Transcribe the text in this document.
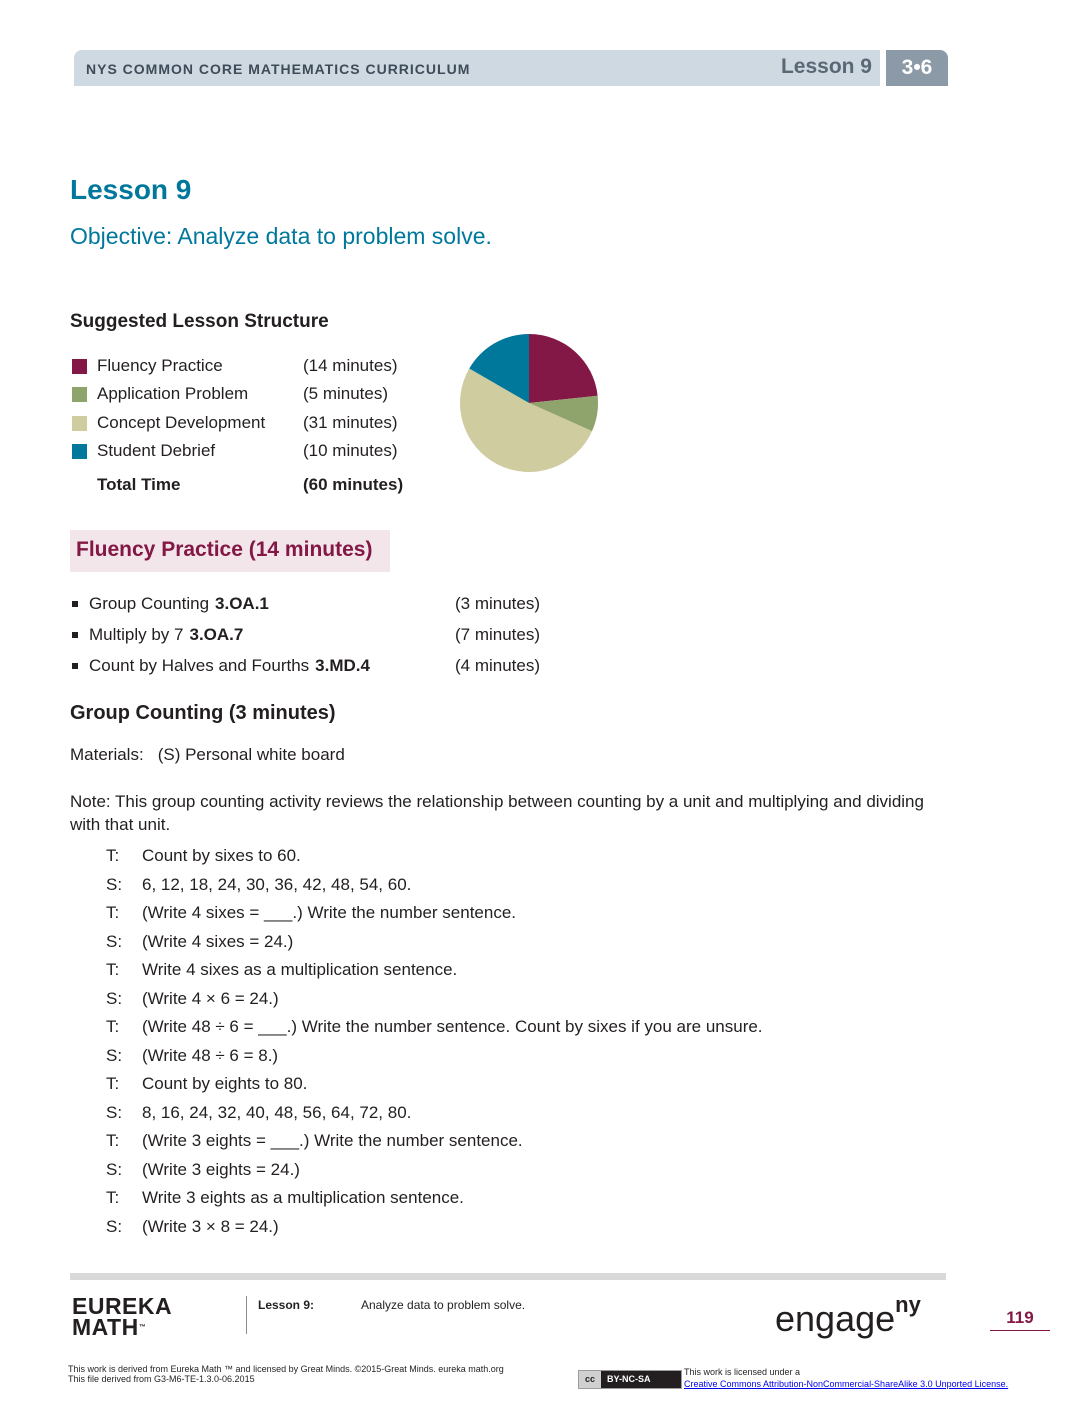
NYS COMMON CORE MATHEMATICS CURRICULUM	Lesson 9	3•6
Lesson 9
Objective: Analyze data to problem solve.
Suggested Lesson Structure
Fluency Practice	(14 minutes)
Application Problem	(5 minutes)
Concept Development (31 minutes)
Student Debrief	(10 minutes)
Total Time	(60 minutes)
Fluency Practice (14 minutes)
Group Counting 3.OA.1	(3 minutes)
Multiply by 7 3.OA.7	(7 minutes)
Count by Halves and Fourths 3.MD.4	(4 minutes)
Group Counting (3 minutes)
Materials: (S) Personal white board
Note: This group counting activity reviews the relationship between counting by a unit and multiplying and dividing with that unit.
T: Count by sixes to 60.
S: 6, 12, 18, 24, 30, 36, 42, 48, 54, 60.
T: (Write 4 sixes = ___.) Write the number sentence.
S: (Write 4 sixes = 24.)
T: Write 4 sixes as a multiplication sentence.
S: (Write 4 × 6 = 24.)
T: (Write 48 ÷ 6 = ___.) Write the number sentence. Count by sixes if you are unsure.
S: (Write 48 ÷ 6 = 8.)
T: Count by eights to 80.
S: 8, 16, 24, 32, 40, 48, 56, 64, 72, 80.
T: (Write 3 eights = ___.) Write the number sentence.
S: (Write 3 eights = 24.)
T: Write 3 eights as a multiplication sentence.
S: (Write 3 × 8 = 24.)
EUREKA
MATH™
Lesson 9:	Analyze data to problem solve.	engage$^{ny}$
119
This work is derived from Eureka Math ™ and licensed by Great Minds. ©2015-Great Minds. eureka math.org
This file derived from G3-M6-TE-1.3.0-06.2015	cc BY-NC-SA
This work is licensed under a
Creative Commons Attribution-NonCommercial-ShareAlike 3.0 Unported License.
